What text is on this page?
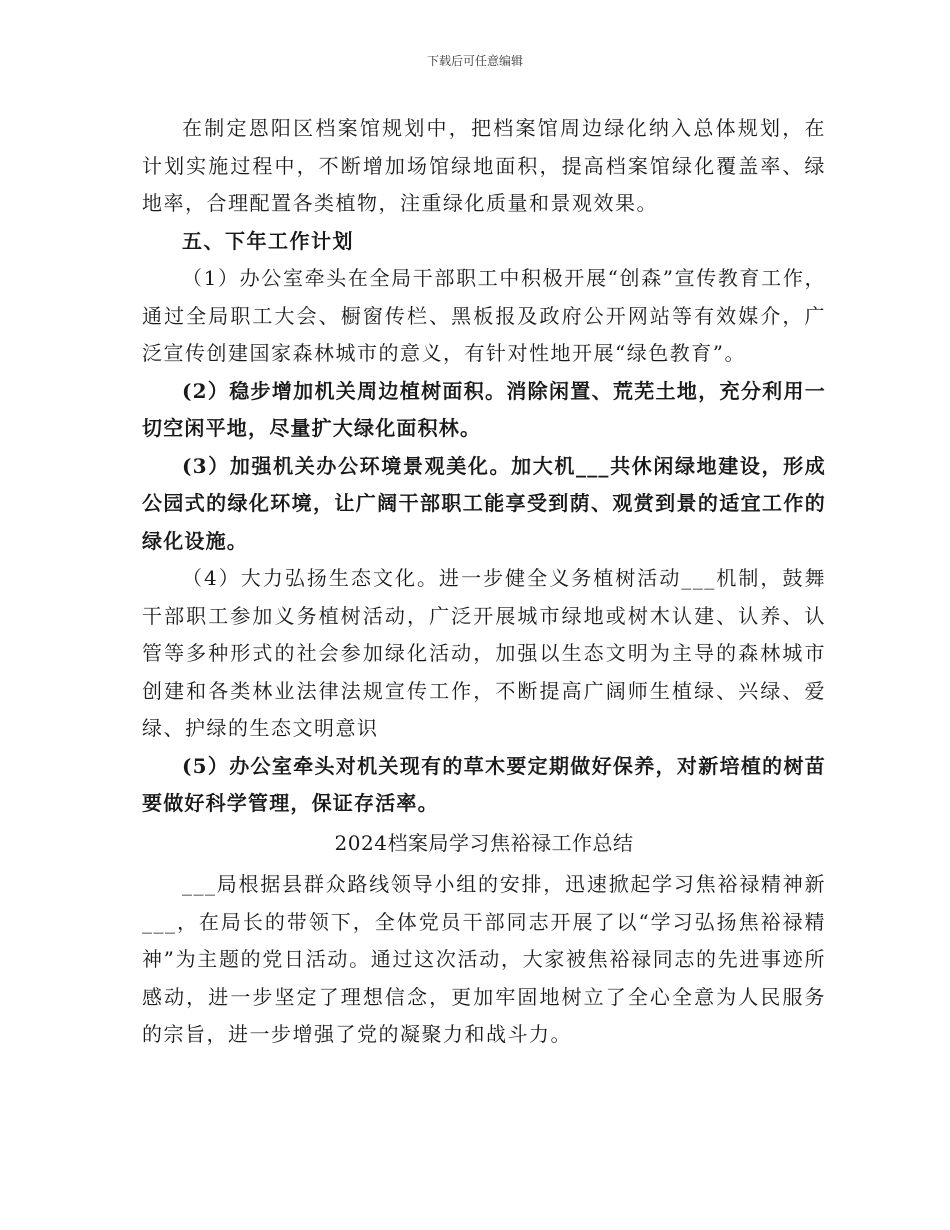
下载后可任意编辑

在制定恩阳区档案馆规划中，把档案馆周边绿化纳入总体规划，在计划实施过程中，不断增加场馆绿地面积，提高档案馆绿化覆盖率、绿地率，合理配置各类植物，注重绿化质量和景观效果。

五、下年工作计划

（1）办公室牵头在全局干部职工中积极开展“创森”宣传教育工作，通过全局职工大会、橱窗传栏、黑板报及政府公开网站等有效媒介，广泛宣传创建国家森林城市的意义，有针对性地开展“绿色教育”。

(2）稳步增加机关周边植树面积。消除闲置、荒芜土地，充分利用一切空闲平地，尽量扩大绿化面积林。

(3）加强机关办公环境景观美化。加大机___共休闲绿地建设，形成公园式的绿化环境，让广阔干部职工能享受到荫、观赏到景的适宜工作的绿化设施。

（4）大力弘扬生态文化。进一步健全义务植树活动___机制，鼓舞干部职工参加义务植树活动，广泛开展城市绿地或树木认建、认养、认管等多种形式的社会参加绿化活动，加强以生态文明为主导的森林城市创建和各类林业法律法规宣传工作，不断提高广阔师生植绿、兴绿、爱绿、护绿的生态文明意识

(5）办公室牵头对机关现有的草木要定期做好保养，对新培植的树苗要做好科学管理，保证存活率。

2024档案局学习焦裕禄工作总结

___局根据县群众路线领导小组的安排，迅速掀起学习焦裕禄精神新___，在局长的带领下，全体党员干部同志开展了以“学习弘扬焦裕禄精神”为主题的党日活动。通过这次活动，大家被焦裕禄同志的先进事迹所感动，进一步坚定了理想信念，更加牢固地树立了全心全意为人民服务的宗旨，进一步增强了党的凝聚力和战斗力。
